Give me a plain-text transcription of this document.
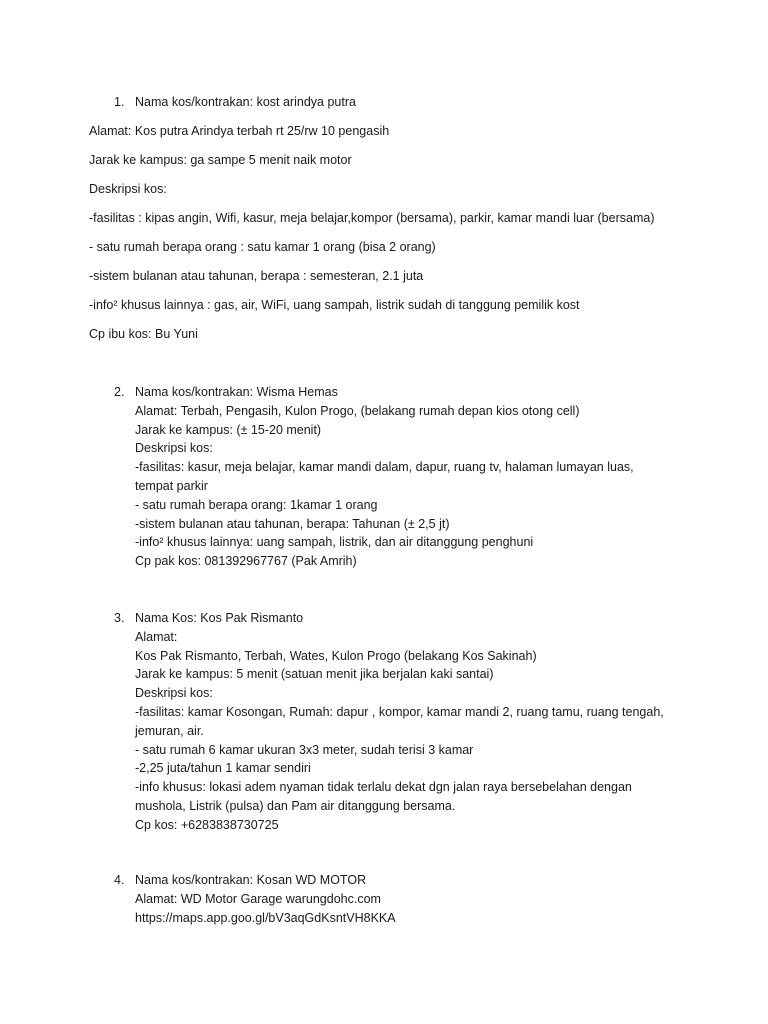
1. Nama kos/kontrakan: kost arindya putra
Alamat: Kos putra Arindya terbah rt 25/rw 10 pengasih
Jarak ke kampus: ga sampe 5 menit naik motor
Deskripsi kos:
-fasilitas : kipas angin, Wifi, kasur, meja belajar,kompor (bersama), parkir, kamar mandi luar (bersama)
- satu rumah berapa orang : satu kamar 1 orang (bisa 2 orang)
-sistem bulanan atau tahunan, berapa : semesteran, 2.1 juta
-info² khusus lainnya : gas, air, WiFi, uang sampah, listrik sudah di tanggung pemilik kost
Cp ibu kos: Bu Yuni
2. Nama kos/kontrakan: Wisma Hemas
Alamat: Terbah, Pengasih, Kulon Progo, (belakang rumah depan kios otong cell)
Jarak ke kampus: (± 15-20 menit)
Deskripsi kos:
-fasilitas: kasur, meja belajar, kamar mandi dalam, dapur, ruang tv, halaman lumayan luas,
tempat parkir
- satu rumah berapa orang: 1kamar 1 orang
-sistem bulanan atau tahunan, berapa: Tahunan (± 2,5 jt)
-info² khusus lainnya: uang sampah, listrik, dan air ditanggung penghuni
Cp pak kos: 081392967767 (Pak Amrih)
3. Nama Kos: Kos Pak Rismanto
Alamat:
Kos Pak Rismanto, Terbah, Wates, Kulon Progo (belakang Kos Sakinah)
Jarak ke kampus: 5 menit (satuan menit jika berjalan kaki santai)
Deskripsi kos:
-fasilitas: kamar Kosongan, Rumah: dapur , kompor, kamar mandi 2, ruang tamu, ruang tengah,
jemuran, air.
- satu rumah 6 kamar ukuran 3x3 meter, sudah terisi 3 kamar
-2,25 juta/tahun 1 kamar sendiri
-info khusus: lokasi adem nyaman tidak terlalu dekat dgn jalan raya bersebelahan dengan
mushola, Listrik (pulsa) dan Pam air ditanggung bersama.
Cp kos: +6283838730725
4. Nama kos/kontrakan: Kosan WD MOTOR
Alamat: WD Motor Garage warungdohc.com
https://maps.app.goo.gl/bV3aqGdKsntVH8KKA
